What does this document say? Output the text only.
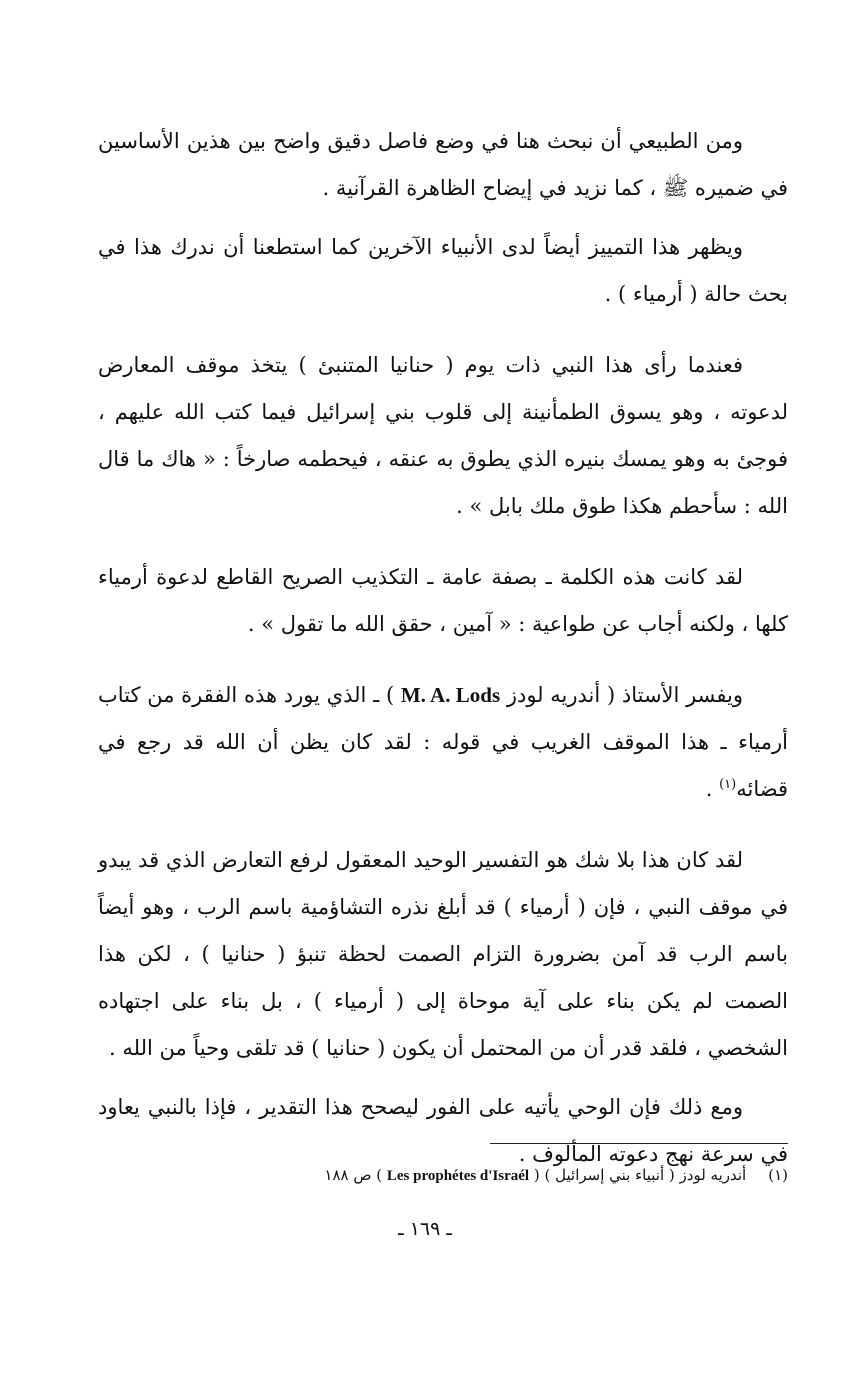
ومن الطبيعي أن نبحث هنا في وضع فاصل دقيق واضح بين هذين الأساسين في ضميره ﷺ ، كما نزيد في إيضاح الظاهرة القرآنية .

ويظهر هذا التمييز أيضاً لدى الأنبياء الآخرين كما استطعنا أن ندرك هذا في بحث حالة ( أرمياء ) .

فعندما رأى هذا النبي ذات يوم ( حنانيا المتنبئ ) يتخذ موقف المعارض لدعوته ، وهو يسوق الطمأنينة إلى قلوب بني إسرائيل فيما كتب الله عليهم ، فوجئ به وهو يمسك بنيره الذي يطوق به عنقه ، فيحطمه صارخاً : « هاك ما قال الله : سأحطم هكذا طوق ملك بابل » .

لقد كانت هذه الكلمة ـ بصفة عامة ـ التكذيب الصريح القاطع لدعوة أرمياء كلها ، ولكنه أجاب عن طواعية : « آمين ، حقق الله ما تقول » .

ويفسر الأستاذ ( أندريه لودز M. A. Lods ) ـ الذي يورد هذه الفقرة من كتاب أرمياء ـ هذا الموقف الغريب في قوله : لقد كان يظن أن الله قد رجع في قضائه$^{(١)}$ .

لقد كان هذا بلا شك هو التفسير الوحيد المعقول لرفع التعارض الذي قد يبدو في موقف النبي ، فإن ( أرمياء ) قد أبلغ نذره التشاؤمية باسم الرب ، وهو أيضاً باسم الرب قد آمن بضرورة التزام الصمت لحظة تنبؤ ( حنانيا ) ، لكن هذا الصمت لم يكن بناء على آية موحاة إلى ( أرمياء ) ، بل بناء على اجتهاده الشخصي ، فلقد قدر أن من المحتمل أن يكون ( حنانيا ) قد تلقى وحياً من الله .

ومع ذلك فإن الوحي يأتيه على الفور ليصحح هذا التقدير ، فإذا بالنبي يعاود في سرعة نهج دعوته المألوف .

(١)أندريه لودز ( أنبياء بني إسرائيل ) ( Les prophétes d'Israél ) ص ١٨٨
ـ ١٦٩ ـ
